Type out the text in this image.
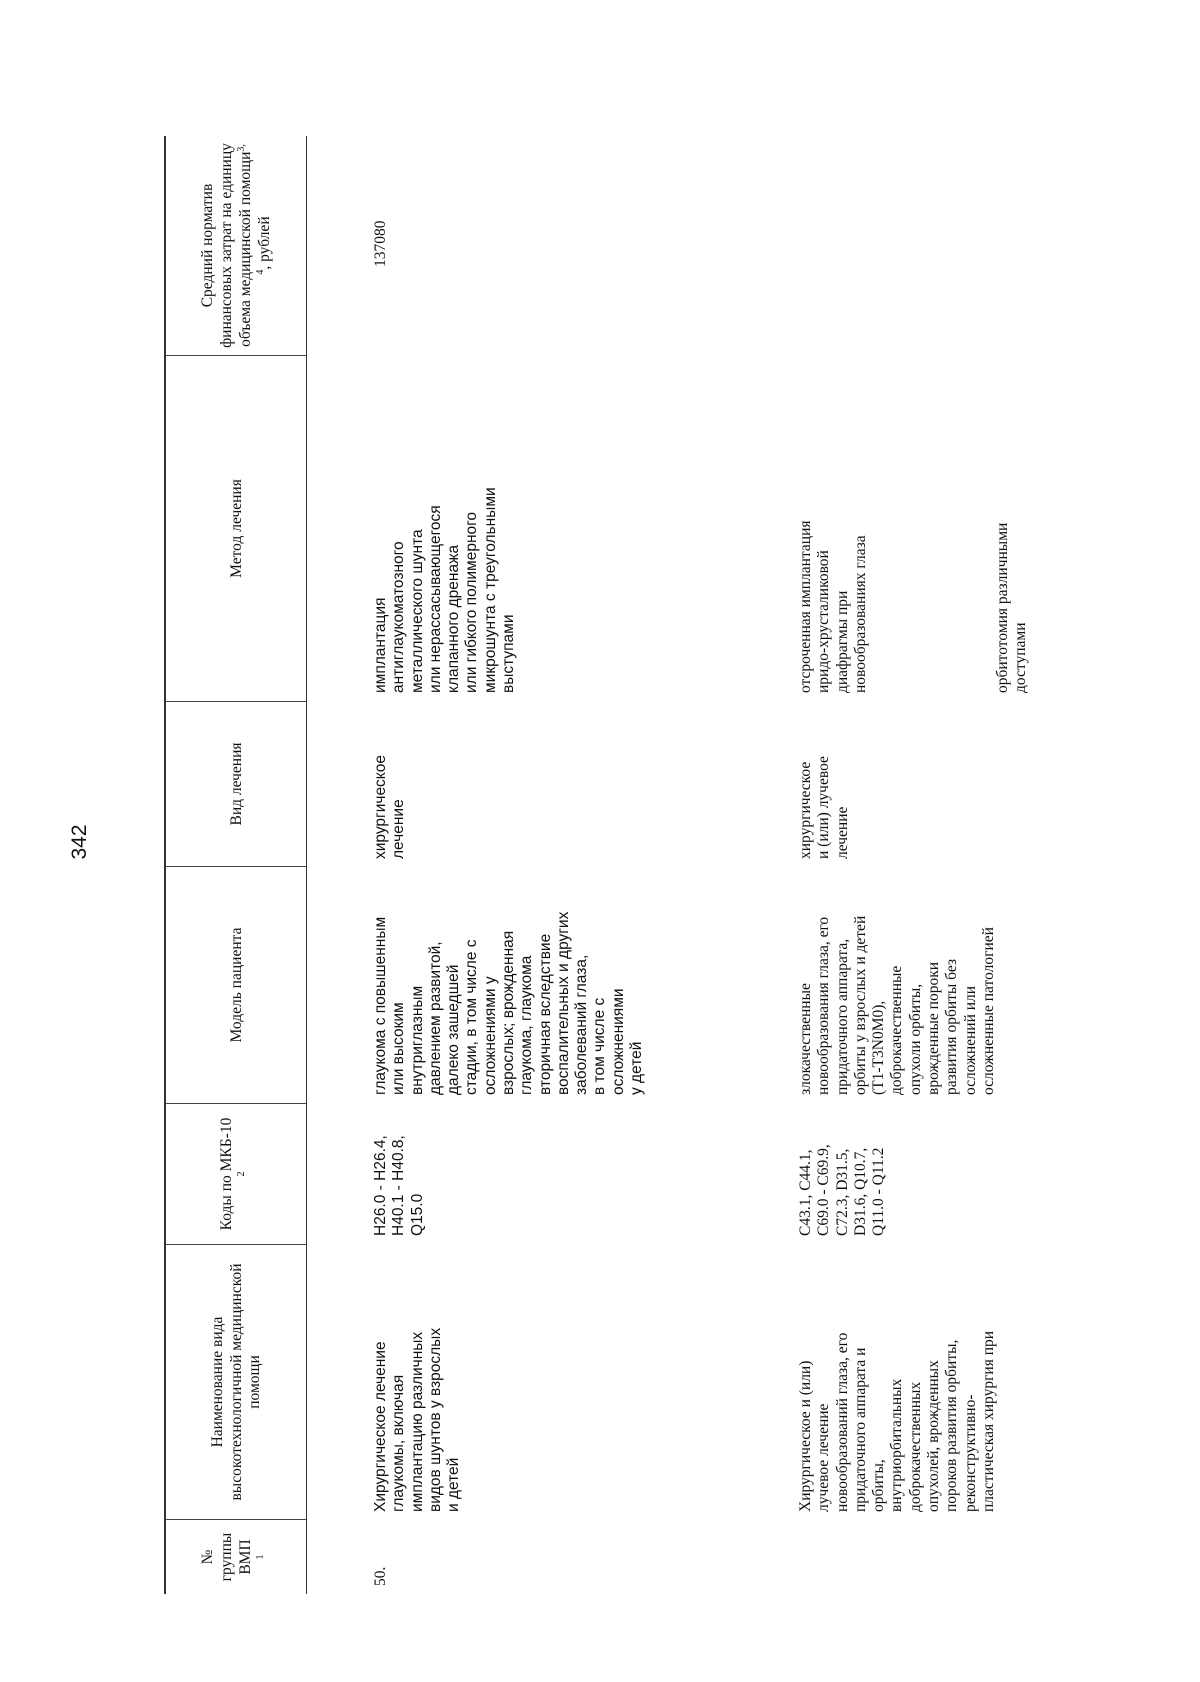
342
№ группы ВМП $^1$
Наименование вида высокотехнологичной медицинской помощи
Коды по МКБ-10 $^2$
Модель пациента
Вид лечения
Метод лечения
Средний норматив финансовых затрат на единицу объема медицинской помощи$^{3, 4}$, рублей
50.
Хирургическое лечение
глаукомы, включая
имплантацию различных
видов шунтов у взрослых
и детей
H26.0 - H26.4,
H40.1 - H40.8,
Q15.0
глаукома с повышенным
или высоким
внутриглазным
давлением развитой,
далеко зашедшей
стадии, в том числе с
осложнениями у
взрослых; врожденная
глаукома, глаукома
вторичная вследствие
воспалительных и других
заболеваний глаза,
в том числе с
осложнениями
у детей
хирургическое
лечение
имплантация
антиглаукоматозного
металлического шунта
или нерассасывающегося
клапанного дренажа
или гибкого полимерного
микрошунта с треугольными
выступами
137080
Хирургическое и (или)
лучевое лечение
новообразований глаза, его
придаточного аппарата и
орбиты,
внутриорбитальных
доброкачественных
опухолей, врожденных
пороков развития орбиты,
реконструктивно-
пластическая хирургия при
C43.1, C44.1,
C69.0 - C69.9,
C72.3, D31.5,
D31.6, Q10.7,
Q11.0 - Q11.2
злокачественные
новообразования глаза, его
придаточного аппарата,
орбиты у взрослых и детей
(T1-T3N0M0),
доброкачественные
опухоли орбиты,
врожденные пороки
развития орбиты без
осложнений или
осложненные патологией
хирургическое
и (или) лучевое
лечение
отсроченная имплантация
иридо-хрусталиковой
диафрагмы при
новообразованиях глаза
орбитотомия различными
доступами
